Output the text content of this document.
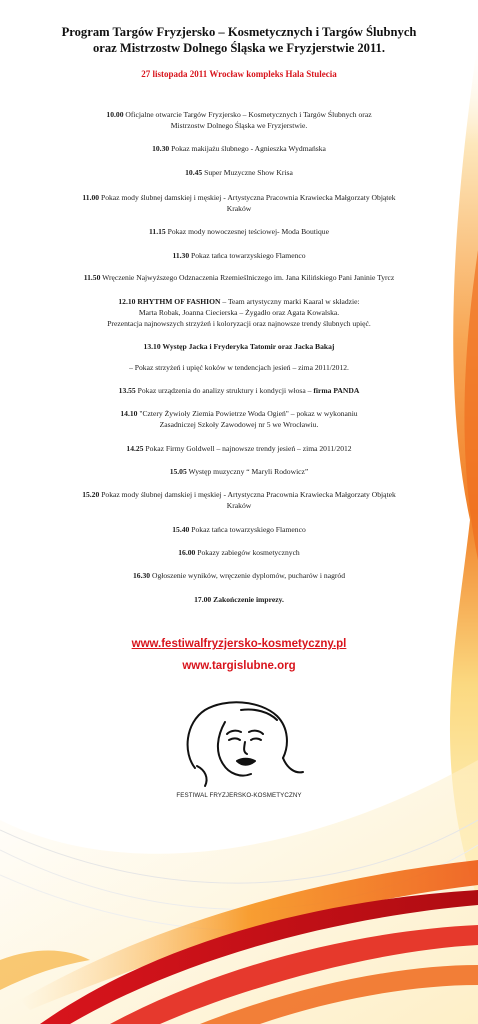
Program Targów Fryzjersko – Kosmetycznych i Targów Ślubnych
oraz Mistrzostw Dolnego Śląska we Fryzjerstwie 2011.
27 listopada 2011 Wrocław kompleks Hala Stulecia
10.00 Oficjalne otwarcie Targów Fryzjersko – Kosmetycznych i Targów Ślubnych oraz
Mistrzostw Dolnego Śląska we Fryzjerstwie.
10.30 Pokaz makijażu ślubnego - Agnieszka Wydmańska
10.45 Super Muzyczne Show Krisa
11.00 Pokaz mody ślubnej damskiej i męskiej - Artystyczna Pracownia Krawiecka Małgorzaty Objątek
Kraków
11.15 Pokaz mody nowoczesnej teściowej- Moda Boutique
11.30 Pokaz tańca towarzyskiego Flamenco
11.50 Wręczenie Najwyższego Odznaczenia Rzemieślniczego im. Jana Kilińskiego Pani Janinie Tyrcz
12.10 RHYTHM OF FASHION – Team artystyczny marki Kaaral w składzie:
Marta Robak, Joanna Ciecierska – Żygadło oraz Agata Kowalska.
Prezentacja najnowszych strzyżeń i koloryzacji oraz najnowsze trendy ślubnych upięć.
13.10 Występ Jacka i Fryderyka Tatomir oraz Jacka Bakaj
– Pokaz strzyżeń i upięć koków w tendencjach jesień – zima 2011/2012.
13.55 Pokaz urządzenia do analizy struktury i kondycji włosa – firma PANDA
14.10 "Cztery Żywioły Ziemia Powietrze Woda Ogień" – pokaz w wykonaniu
Zasadniczej Szkoły Zawodowej nr 5 we Wrocławiu.
14.25 Pokaz Firmy Goldwell – najnowsze trendy jesień – zima 2011/2012
15.05 Występ muzyczny “ Maryli Rodowicz”
15.20 Pokaz mody ślubnej damskiej i męskiej - Artystyczna Pracownia Krawiecka Małgorzaty Objątek
Kraków
15.40 Pokaz tańca towarzyskiego Flamenco
16.00 Pokazy zabiegów kosmetycznych
16.30 Ogłoszenie wyników, wręczenie dyplomów, pucharów i nagród
17.00 Zakończenie imprezy.
www.festiwalfryzjersko-kosmetyczny.pl
www.targislubne.org
FESTIWAL FRYZJERSKO-KOSMETYCZNY
